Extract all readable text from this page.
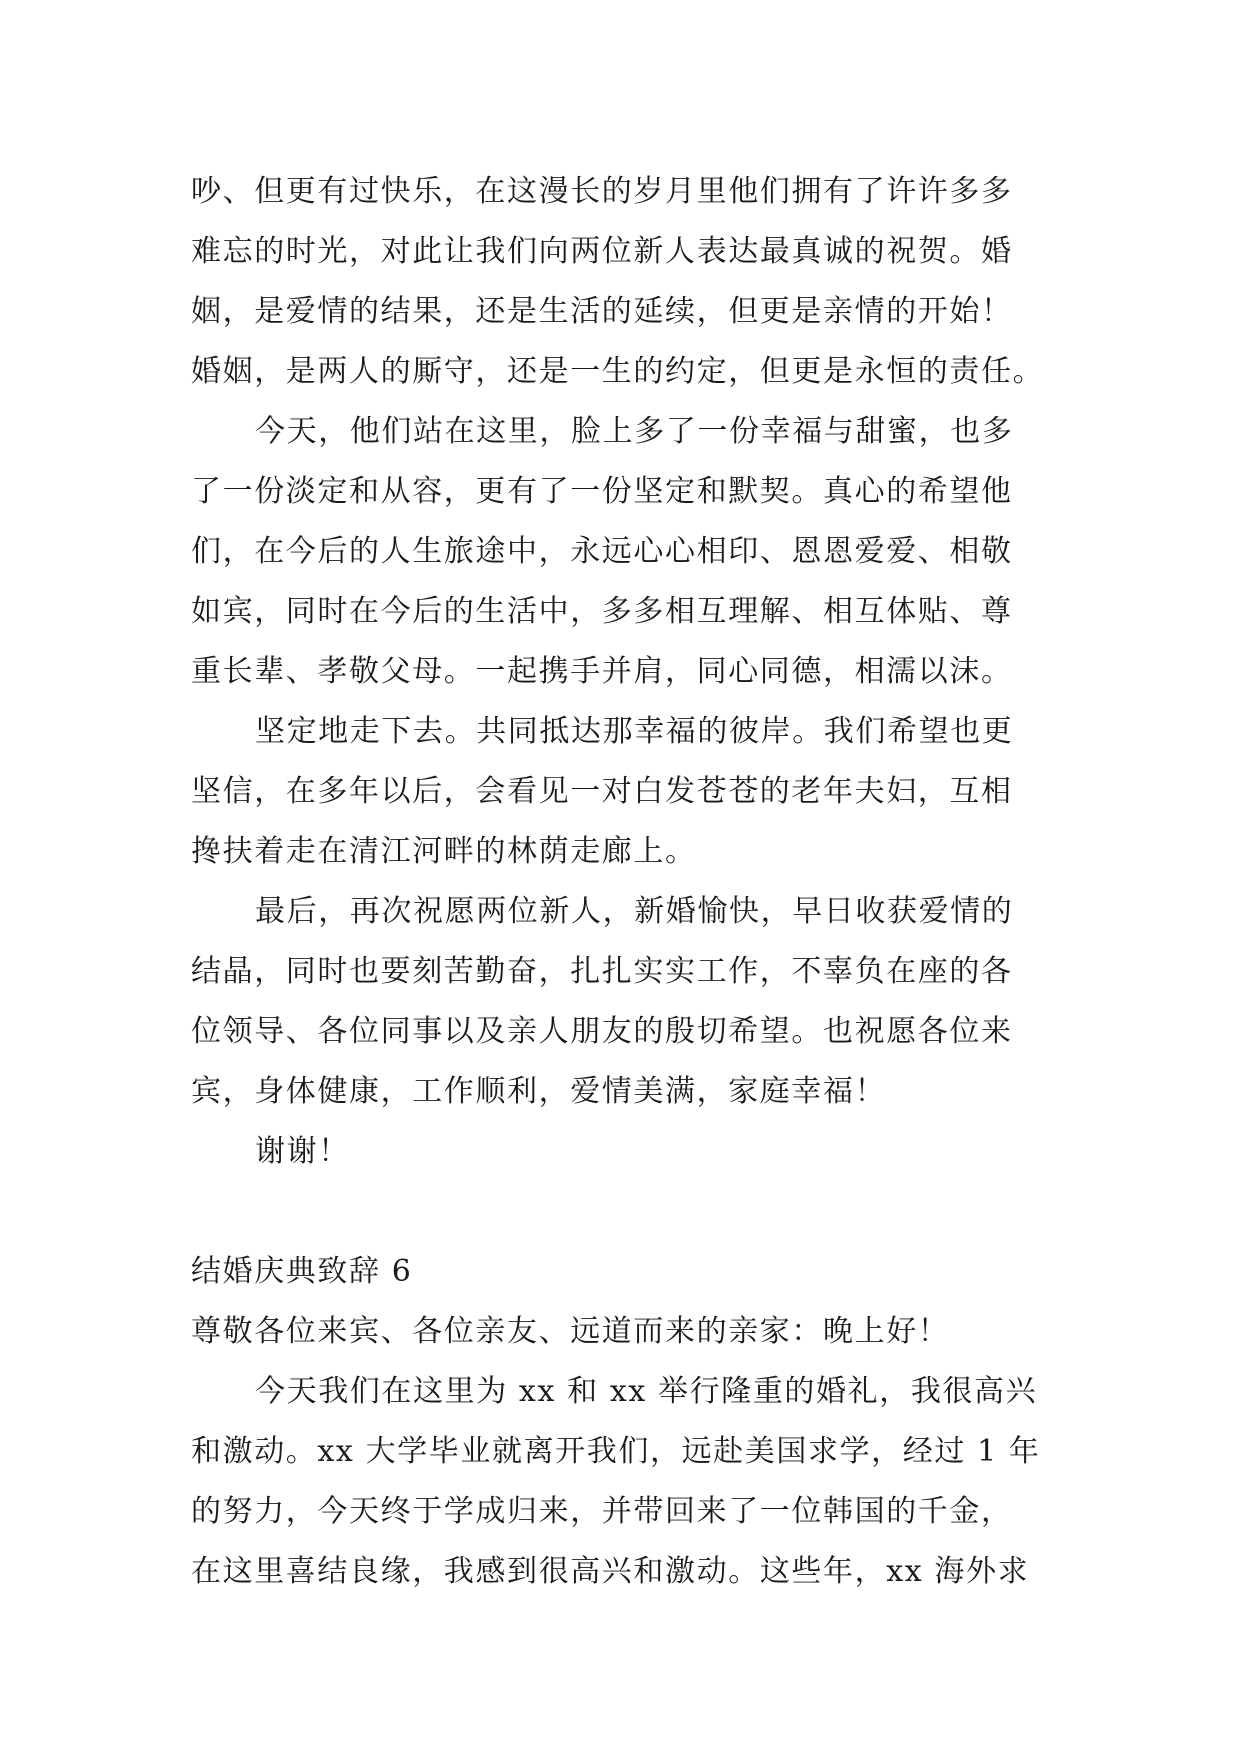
吵、但更有过快乐，在这漫长的岁月里他们拥有了许许多多
难忘的时光，对此让我们向两位新人表达最真诚的祝贺。婚
姻，是爱情的结果，还是生活的延续，但更是亲情的开始！
婚姻，是两人的厮守，还是一生的约定，但更是永恒的责任。
今天，他们站在这里，脸上多了一份幸福与甜蜜，也多
了一份淡定和从容，更有了一份坚定和默契。真心的希望他
们，在今后的人生旅途中，永远心心相印、恩恩爱爱、相敬
如宾，同时在今后的生活中，多多相互理解、相互体贴、尊
重长辈、孝敬父母。一起携手并肩，同心同德，相濡以沫。
坚定地走下去。共同抵达那幸福的彼岸。我们希望也更
坚信，在多年以后，会看见一对白发苍苍的老年夫妇，互相
搀扶着走在清江河畔的林荫走廊上。
最后，再次祝愿两位新人，新婚愉快，早日收获爱情的
结晶，同时也要刻苦勤奋，扎扎实实工作，不辜负在座的各
位领导、各位同事以及亲人朋友的殷切希望。也祝愿各位来
宾，身体健康，工作顺利，爱情美满，家庭幸福！
谢谢！
结婚庆典致辞 6
尊敬各位来宾、各位亲友、远道而来的亲家：晚上好！
今天我们在这里为 xx 和 xx 举行隆重的婚礼，我很高兴
和激动。xx 大学毕业就离开我们，远赴美国求学，经过 1 年
的努力，今天终于学成归来，并带回来了一位韩国的千金，
在这里喜结良缘，我感到很高兴和激动。这些年，xx 海外求
